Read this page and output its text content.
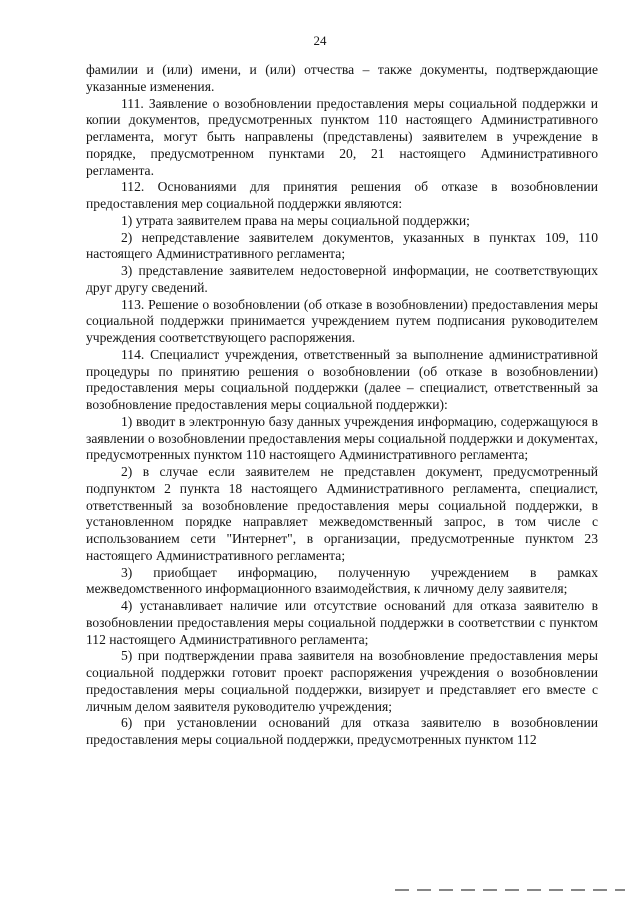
24

фамилии и (или) имени, и (или) отчества – также документы, подтверждающие указанные изменения.

111. Заявление о возобновлении предоставления меры социальной поддержки и копии документов, предусмотренных пунктом 110 настоящего Административного регламента, могут быть направлены (представлены) заявителем в учреждение в порядке, предусмотренном пунктами 20, 21 настоящего Административного регламента.

112. Основаниями для принятия решения об отказе в возобновлении предоставления мер социальной поддержки являются:

1) утрата заявителем права на меры социальной поддержки;

2) непредставление заявителем документов, указанных в пунктах 109, 110 настоящего Административного регламента;

3) представление заявителем недостоверной информации, не соответствующих друг другу сведений.

113. Решение о возобновлении (об отказе в возобновлении) предоставления меры социальной поддержки принимается учреждением путем подписания руководителем учреждения соответствующего распоряжения.

114. Специалист учреждения, ответственный за выполнение административной процедуры по принятию решения о возобновлении (об отказе в возобновлении) предоставления меры социальной поддержки (далее – специалист, ответственный за возобновление предоставления меры социальной поддержки):

1) вводит в электронную базу данных учреждения информацию, содержащуюся в заявлении о возобновлении предоставления меры социальной поддержки и документах, предусмотренных пунктом 110 настоящего Административного регламента;

2) в случае если заявителем не представлен документ, предусмотренный подпунктом 2 пункта 18 настоящего Административного регламента, специалист, ответственный за возобновление предоставления меры социальной поддержки, в установленном порядке направляет межведомственный запрос, в том числе с использованием сети "Интернет", в организации, предусмотренные пунктом 23 настоящего Административного регламента;

3) приобщает информацию, полученную учреждением в рамках межведомственного информационного взаимодействия, к личному делу заявителя;

4) устанавливает наличие или отсутствие оснований для отказа заявителю в возобновлении предоставления меры социальной поддержки в соответствии с пунктом 112 настоящего Административного регламента;

5) при подтверждении права заявителя на возобновление предоставления меры социальной поддержки готовит проект распоряжения учреждения о возобновлении предоставления меры социальной поддержки, визирует и представляет его вместе с личным делом заявителя руководителю учреждения;

6) при установлении оснований для отказа заявителю в возобновлении предоставления меры социальной поддержки, предусмотренных пунктом 112
